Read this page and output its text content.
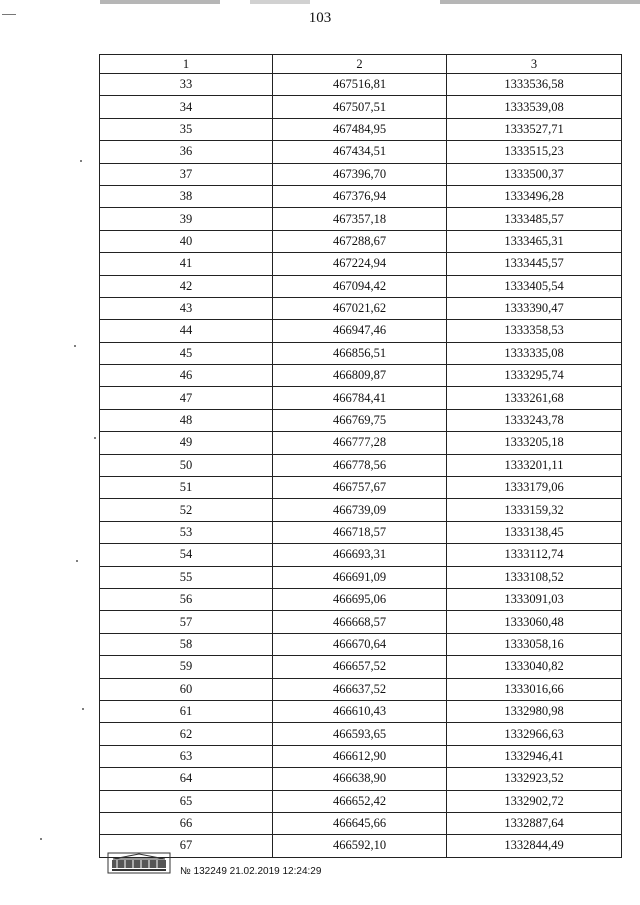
103
1	2	3
33	467516,81	1333536,58
34	467507,51	1333539,08
35	467484,95	1333527,71
36	467434,51	1333515,23
37	467396,70	1333500,37
38	467376,94	1333496,28
39	467357,18	1333485,57
40	467288,67	1333465,31
41	467224,94	1333445,57
42	467094,42	1333405,54
43	467021,62	1333390,47
44	466947,46	1333358,53
45	466856,51	1333335,08
46	466809,87	1333295,74
47	466784,41	1333261,68
48	466769,75	1333243,78
49	466777,28	1333205,18
50	466778,56	1333201,11
51	466757,67	1333179,06
52	466739,09	1333159,32
53	466718,57	1333138,45
54	466693,31	1333112,74
55	466691,09	1333108,52
56	466695,06	1333091,03
57	466668,57	1333060,48
58	466670,64	1333058,16
59	466657,52	1333040,82
60	466637,52	1333016,66
61	466610,43	1332980,98
62	466593,65	1332966,63
63	466612,90	1332946,41
64	466638,90	1332923,52
65	466652,42	1332902,72
66	466645,66	1332887,64
67	466592,10	1332844,49
№ 132249 21.02.2019 12:24:29
